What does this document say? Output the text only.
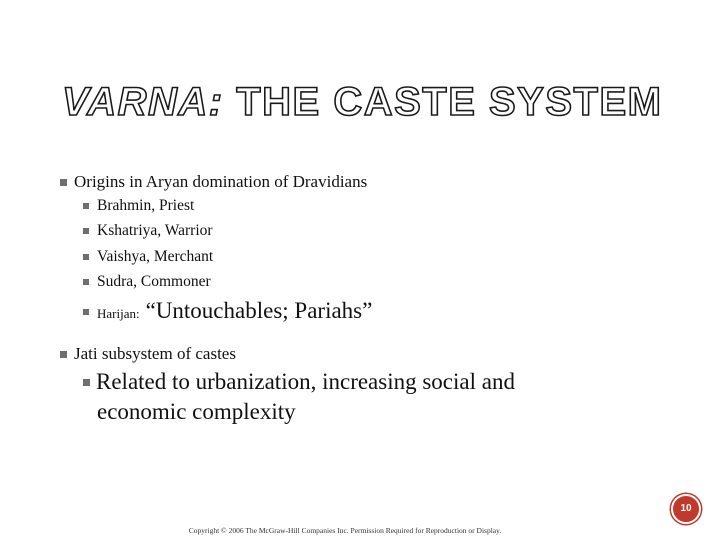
VARNA: THE CASTE SYSTEM
Origins in Aryan domination of Dravidians
Brahmin, Priest
Kshatriya, Warrior
Vaishya, Merchant
Sudra, Commoner
Harijan: “Untouchables; Pariahs”
Jati subsystem of castes
Related to urbanization, increasing social and
economic complexity
10
Copyright © 2006 The McGraw-Hill Companies Inc. Permission Required for Reproduction or Display.
